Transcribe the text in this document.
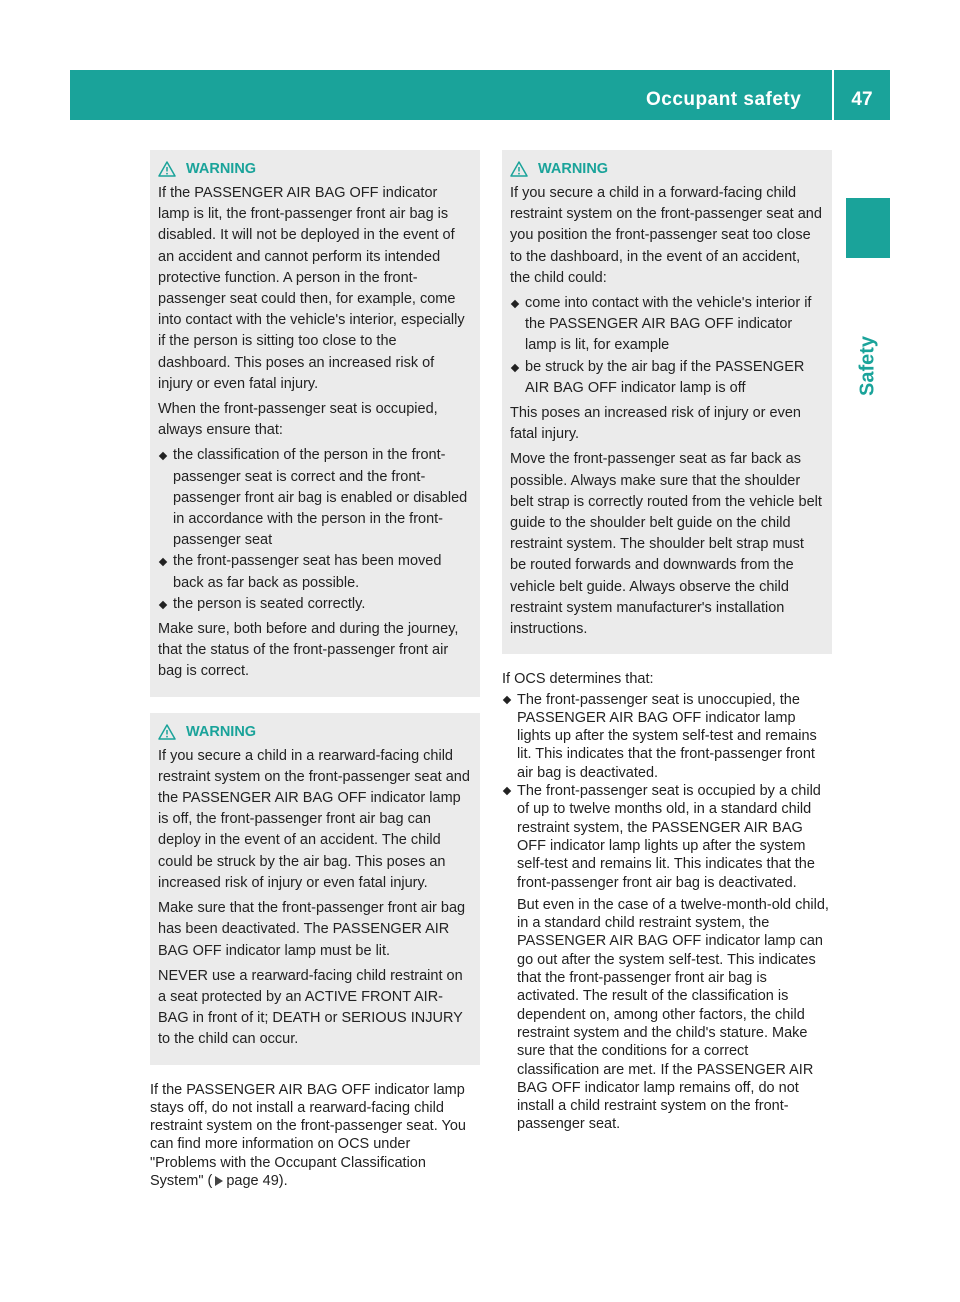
Occupant safety	47
Safety
WARNING

If the PASSENGER AIR BAG OFF indicator lamp is lit, the front-passenger front air bag is disabled. It will not be deployed in the event of an accident and cannot perform its intended protective function. A person in the front-passenger seat could then, for example, come into contact with the vehicle's interior, especially if the person is sitting too close to the dashboard. This poses an increased risk of injury or even fatal injury.

When the front-passenger seat is occupied, always ensure that:

the classification of the person in the front-passenger seat is correct and the front-passenger front air bag is enabled or disabled in accordance with the person in the front-passenger seat
the front-passenger seat has been moved back as far back as possible.
the person is seated correctly.

Make sure, both before and during the journey, that the status of the front-passenger front air bag is correct.

WARNING

If you secure a child in a rearward-facing child restraint system on the front-passenger seat and the PASSENGER AIR BAG OFF indicator lamp is off, the front-passenger front air bag can deploy in the event of an accident. The child could be struck by the air bag. This poses an increased risk of injury or even fatal injury.

Make sure that the front-passenger front air bag has been deactivated. The PASSENGER AIR BAG OFF indicator lamp must be lit.

NEVER use a rearward-facing child restraint on a seat protected by an ACTIVE FRONT AIR-BAG in front of it; DEATH or SERIOUS INJURY to the child can occur.

If the PASSENGER AIR BAG OFF indicator lamp stays off, do not install a rearward-facing child restraint system on the front-passenger seat. You can find more information on OCS under "Problems with the Occupant Classification System" ( page 49).

WARNING

If you secure a child in a forward-facing child restraint system on the front-passenger seat and you position the front-passenger seat too close to the dashboard, in the event of an accident, the child could:

come into contact with the vehicle's interior if the PASSENGER AIR BAG OFF indicator lamp is lit, for example
be struck by the air bag if the PASSENGER AIR BAG OFF indicator lamp is off

This poses an increased risk of injury or even fatal injury.

Move the front-passenger seat as far back as possible. Always make sure that the shoulder belt strap is correctly routed from the vehicle belt guide to the shoulder belt guide on the child restraint system. The shoulder belt strap must be routed forwards and downwards from the vehicle belt guide. Always observe the child restraint system manufacturer's installation instructions.

If OCS determines that:

The front-passenger seat is unoccupied, the PASSENGER AIR BAG OFF indicator lamp lights up after the system self-test and remains lit. This indicates that the front-passenger front air bag is deactivated.
The front-passenger seat is occupied by a child of up to twelve months old, in a standard child restraint system, the PASSENGER AIR BAG OFF indicator lamp lights up after the system self-test and remains lit. This indicates that the front-passenger front air bag is deactivated.

But even in the case of a twelve-month-old child, in a standard child restraint system, the PASSENGER AIR BAG OFF indicator lamp can go out after the system self-test. This indicates that the front-passenger front air bag is activated. The result of the classification is dependent on, among other factors, the child restraint system and the child's stature. Make sure that the conditions for a correct classification are met. If the PASSENGER AIR BAG OFF indicator lamp remains off, do not install a child restraint system on the front-passenger seat.
